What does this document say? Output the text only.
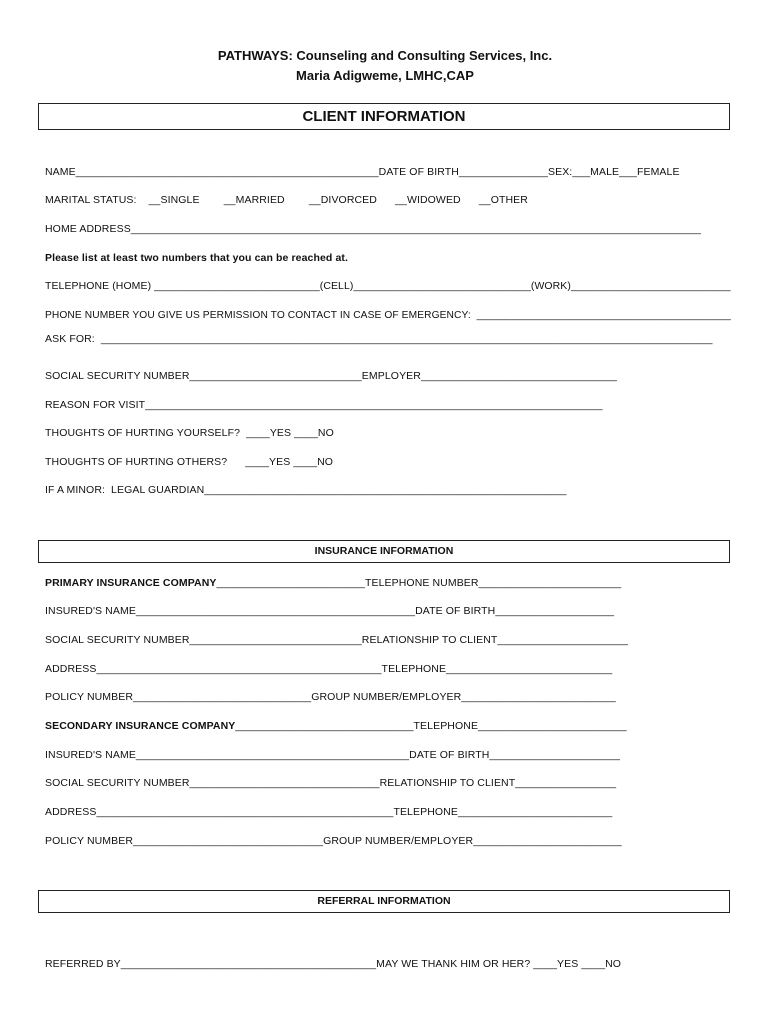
PATHWAYS: Counseling and Consulting Services, Inc.
Maria Adigweme, LMHC,CAP
CLIENT INFORMATION
NAME___________________________________________________DATE OF BIRTH_______________SEX:___MALE___FEMALE
MARITAL STATUS:    __SINGLE        __MARRIED        __DIVORCED      __WIDOWED      __OTHER
HOME ADDRESS________________________________________________________________________________________________
Please list at least two numbers that you can be reached at.
TELEPHONE (HOME) ____________________________(CELL)______________________________(WORK)___________________________
PHONE NUMBER YOU GIVE US PERMISSION TO CONTACT IN CASE OF EMERGENCY:  ____________________________________________
ASK FOR:  _______________________________________________________________________________________________________
SOCIAL SECURITY NUMBER_____________________________EMPLOYER_________________________________
REASON FOR VISIT_____________________________________________________________________________
THOUGHTS OF HURTING YOURSELF?  ____YES ____NO
THOUGHTS OF HURTING OTHERS?      ____YES ____NO
IF A MINOR:  LEGAL GUARDIAN_____________________________________________________________
INSURANCE INFORMATION
PRIMARY INSURANCE COMPANY_________________________TELEPHONE NUMBER________________________
INSURED'S NAME_______________________________________________DATE OF BIRTH____________________
SOCIAL SECURITY NUMBER_____________________________RELATIONSHIP TO CLIENT______________________
ADDRESS________________________________________________TELEPHONE____________________________
POLICY NUMBER______________________________GROUP NUMBER/EMPLOYER__________________________
SECONDARY INSURANCE COMPANY______________________________TELEPHONE_________________________
INSURED'S NAME______________________________________________DATE OF BIRTH______________________
SOCIAL SECURITY NUMBER________________________________RELATIONSHIP TO CLIENT_________________
ADDRESS__________________________________________________TELEPHONE__________________________
POLICY NUMBER________________________________GROUP NUMBER/EMPLOYER_________________________
REFERRAL INFORMATION
REFERRED BY___________________________________________MAY WE THANK HIM OR HER? ____YES ____NO
